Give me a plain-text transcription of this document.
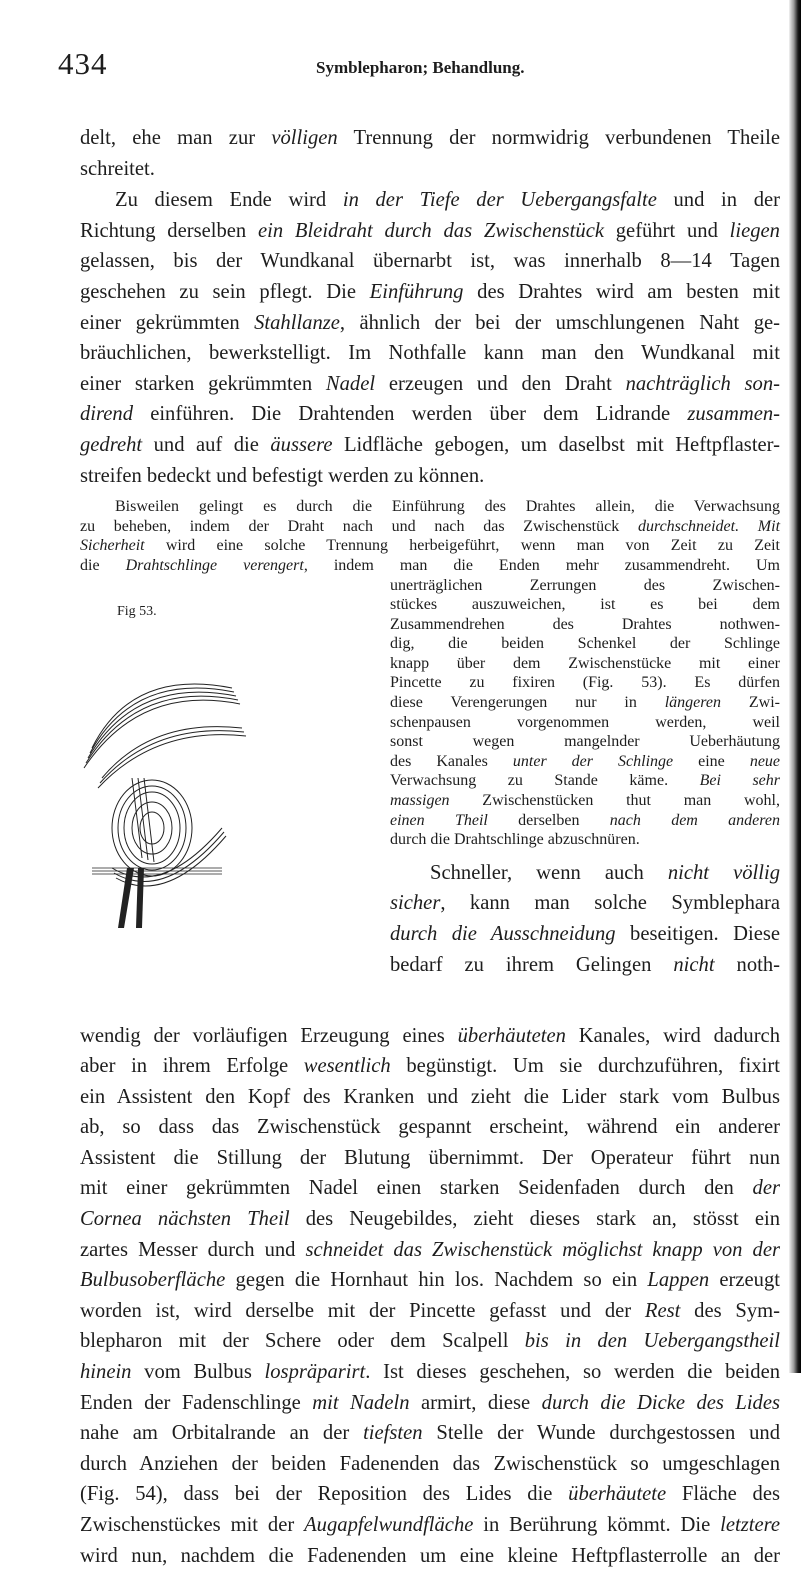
434	Symblepharon; Behandlung.

delt, ehe man zur völligen Trennung der normwidrig verbundenen Theile
schreitet.

Zu diesem Ende wird in der Tiefe der Uebergangsfalte und in der
Richtung derselben ein Bleidraht durch das Zwischenstück geführt und liegen
gelassen, bis der Wundkanal übernarbt ist, was innerhalb 8—14 Tagen
geschehen zu sein pflegt. Die Einführung des Drahtes wird am besten mit
einer gekrümmten Stahllanze, ähnlich der bei der umschlungenen Naht ge-
bräuchlichen, bewerkstelligt. Im Nothfalle kann man den Wundkanal mit
einer starken gekrümmten Nadel erzeugen und den Draht nachträglich son-
dirend einführen. Die Drahtenden werden über dem Lidrande zusammen-
gedreht und auf die äussere Lidfläche gebogen, um daselbst mit Heftpflaster-
streifen bedeckt und befestigt werden zu können.

Bisweilen gelingt es durch die Einführung des Drahtes allein, die Verwachsung
zu beheben, indem der Draht nach und nach das Zwischenstück durchschneidet. Mit
Sicherheit wird eine solche Trennung herbeigeführt, wenn man von Zeit zu Zeit
die Drahtschlinge verengert, indem man die Enden mehr zusammendreht. Um

Fig 53.

unerträglichen Zerrungen des Zwischen-
stückes auszuweichen, ist es bei dem
Zusammendrehen des Drahtes nothwen-
dig, die beiden Schenkel der Schlinge
knapp über dem Zwischenstücke mit einer
Pincette zu fixiren (Fig. 53). Es dürfen
diese Verengerungen nur in längeren Zwi-
schenpausen vorgenommen werden, weil
sonst wegen mangelnder Ueberhäutung
des Kanales unter der Schlinge eine neue
Verwachsung zu Stande käme. Bei sehr
massigen Zwischenstücken thut man wohl,
einen Theil derselben nach dem anderen
durch die Drahtschlinge abzuschnüren.

Schneller, wenn auch nicht völlig
sicher, kann man solche Symblephara
durch die Ausschneidung beseitigen. Diese
bedarf zu ihrem Gelingen nicht noth-

wendig der vorläufigen Erzeugung eines überhäuteten Kanales, wird dadurch
aber in ihrem Erfolge wesentlich begünstigt. Um sie durchzuführen, fixirt
ein Assistent den Kopf des Kranken und zieht die Lider stark vom Bulbus
ab, so dass das Zwischenstück gespannt erscheint, während ein anderer
Assistent die Stillung der Blutung übernimmt. Der Operateur führt nun
mit einer gekrümmten Nadel einen starken Seidenfaden durch den der
Cornea nächsten Theil des Neugebildes, zieht dieses stark an, stösst ein
zartes Messer durch und schneidet das Zwischenstück möglichst knapp von der
Bulbusoberfläche gegen die Hornhaut hin los. Nachdem so ein Lappen erzeugt
worden ist, wird derselbe mit der Pincette gefasst und der Rest des Sym-
blepharon mit der Schere oder dem Scalpell bis in den Uebergangstheil
hinein vom Bulbus lospräparirt. Ist dieses geschehen, so werden die beiden
Enden der Fadenschlinge mit Nadeln armirt, diese durch die Dicke des Lides
nahe am Orbitalrande an der tiefsten Stelle der Wunde durchgestossen und
durch Anziehen der beiden Fadenenden das Zwischenstück so umgeschlagen
(Fig. 54), dass bei der Reposition des Lides die überhäutete Fläche des
Zwischenstückes mit der Augapfelwundfläche in Berührung kömmt. Die letztere
wird nun, nachdem die Fadenenden um eine kleine Heftpflasterrolle an der
